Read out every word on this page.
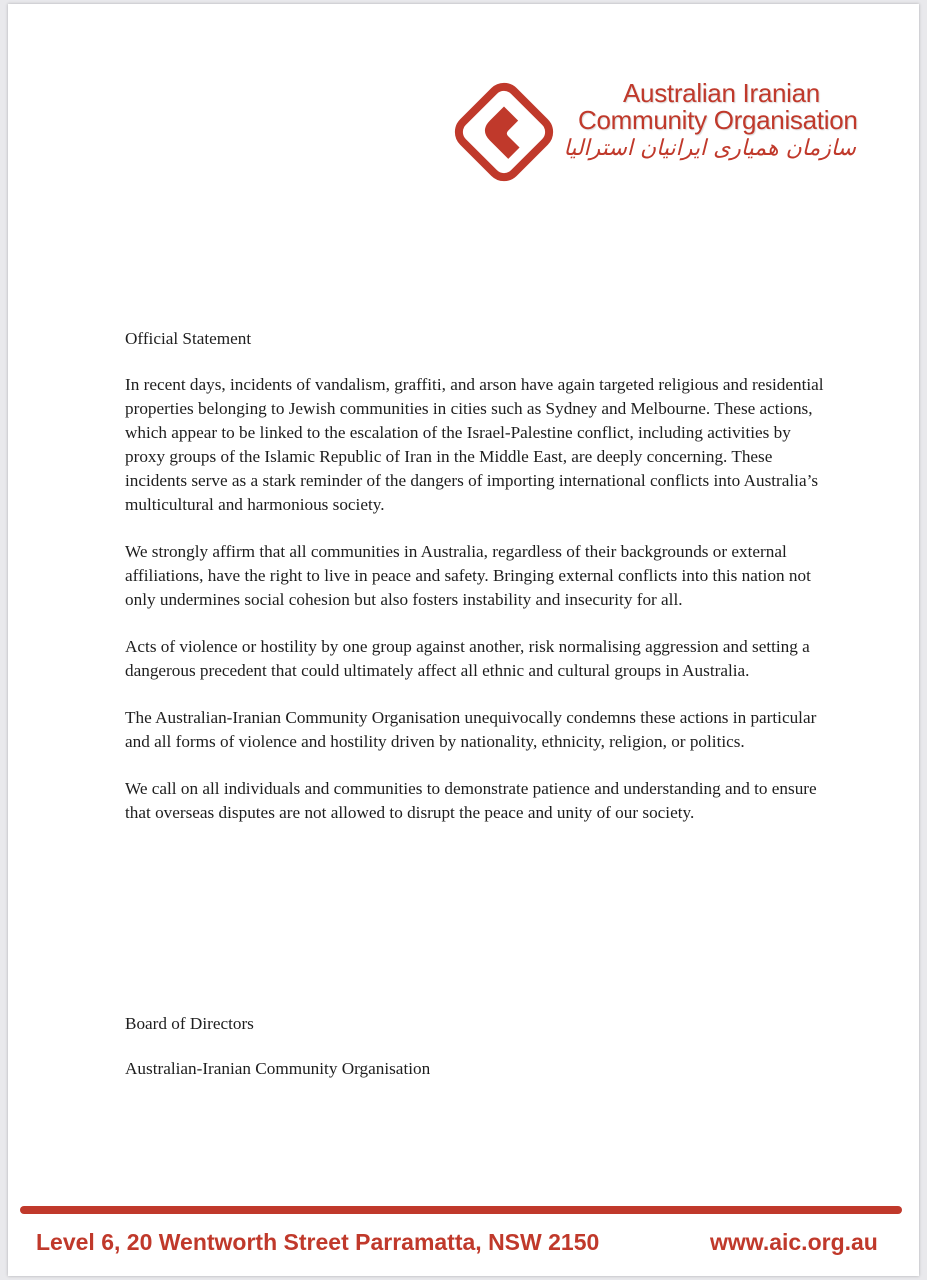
Australian Iranian
Community Organisation
سازمان همیاری ایرانیان استرالیا

Official Statement

In recent days, incidents of vandalism, graffiti, and arson have again targeted religious and residential properties belonging to Jewish communities in cities such as Sydney and Melbourne. These actions, which appear to be linked to the escalation of the Israel-Palestine conflict, including activities by proxy groups of the Islamic Republic of Iran in the Middle East, are deeply concerning. These incidents serve as a stark reminder of the dangers of importing international conflicts into Australia’s multicultural and harmonious society.

We strongly affirm that all communities in Australia, regardless of their backgrounds or external affiliations, have the right to live in peace and safety. Bringing external conflicts into this nation not only undermines social cohesion but also fosters instability and insecurity for all.

Acts of violence or hostility by one group against another, risk normalising aggression and setting a dangerous precedent that could ultimately affect all ethnic and cultural groups in Australia.

The Australian-Iranian Community Organisation unequivocally condemns these actions in particular and all forms of violence and hostility driven by nationality, ethnicity, religion, or politics.

We call on all individuals and communities to demonstrate patience and understanding and to ensure that overseas disputes are not allowed to disrupt the peace and unity of our society.

Board of Directors

Australian-Iranian Community Organisation

Level 6, 20 Wentworth Street Parramatta, NSW 2150	www.aic.org.au
